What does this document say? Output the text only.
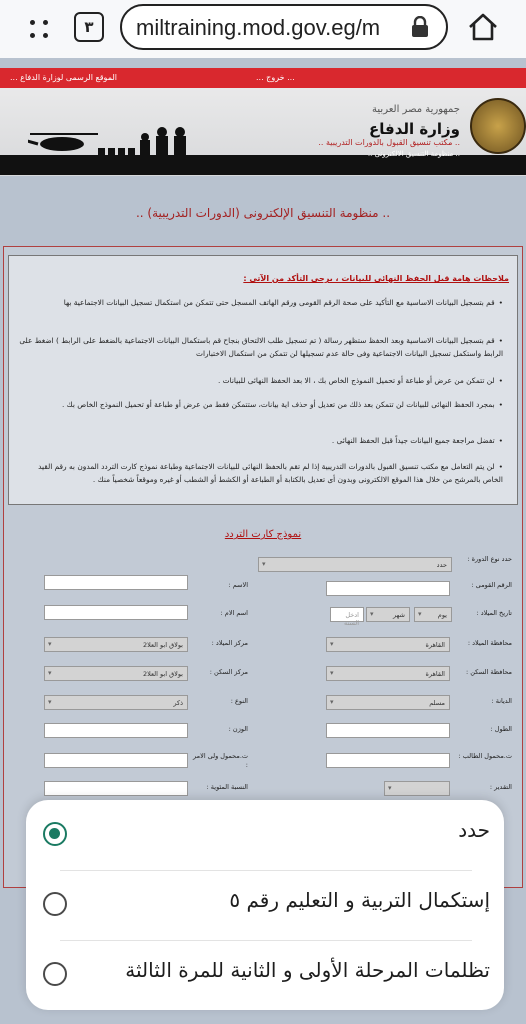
٣	miltraining.mod.gov.eg/m
... الموقع الرسمى لوزارة الدفاع	... خروج ...
جمهورية مصر العربية
وزارة الدفاع
.. مكتب تنسيق القبول بالدورات التدريبية ..
.. منظومة التنسيق الالكترونى ..
.. منظومة التنسيق الإلكترونى (الدورات التدريبية) ..
ملاحظات هامة قبل الحفظ النهائى للبيانات ، برجى التأكد من الآتى :
• قم بتسجيل البيانات الاساسية مع التأكيد على صحة الرقم القومى ورقم الهاتف المسجل حتى تتمكن من استكمال تسجيل البيانات الاجتماعية بها
• قم بتسجيل البيانات الاساسية وبعد الحفظ ستظهر رسالة ( تم تسجيل طلب الالتحاق بنجاح قم باستكمال البيانات الاجتماعية بالضغط على الرابط ) اضغط على الرابط واستكمل تسجيل البيانات الاجتماعية وفى حالة عدم تسجيلها لن تتمكن من استكمال الاختبارات
• لن تتمكن من عرض أو طباعة أو تحميل النموذج الخاص بك ، الا بعد الحفظ النهائى للبيانات .
• بمجرد الحفظ النهائى للبيانات لن تتمكن بعد ذلك من تعديل أو حذف اية بيانات، ستتمكن فقط من عرض أو طباعة أو تحميل النموذج الخاص بك .
• تفضل مراجعة جميع البيانات جيداً قبل الحفظ النهائى .
• لن يتم التعامل مع مكتب تنسيق القبول بالدورات التدريبية إذا لم تقم بالحفظ النهائى للبيانات الاجتماعية وطباعة نموذج كارت التردد المدون به رقم القيد الخاص بالمرشح من خلال هذا الموقع الالكترونى وبدون أى تعديل بالكتابة أو الطباعة أو الكشط أو الشطب أو غيره وموقعاً شخصياً منك .
نموذج كارت التردد
حدد نوع الدورة :
حدد ▾
الرقم القومى :
الاسم :
تاريخ الميلاد :
يوم ▾
شهر ▾
ادخل السنة
اسم الام :
محافظة الميلاد :
القاهرة ▾
مركز الميلاد :
بولاق ابو العلا2 ▾
محافظة السكن :
القاهرة ▾
مركز السكن :
بولاق ابو العلا2 ▾
الديانة :
مسلم ▾
النوع :
ذكر ▾
الطول :
الوزن :
ت.محمول الطالب :
ت.محمول ولى الامر :
التقدير :
▾
النسبة المئوية :
حدد
إستكمال التربية و التعليم رقم ٥
تظلمات المرحلة الأولى و الثانية للمرة الثالثة
